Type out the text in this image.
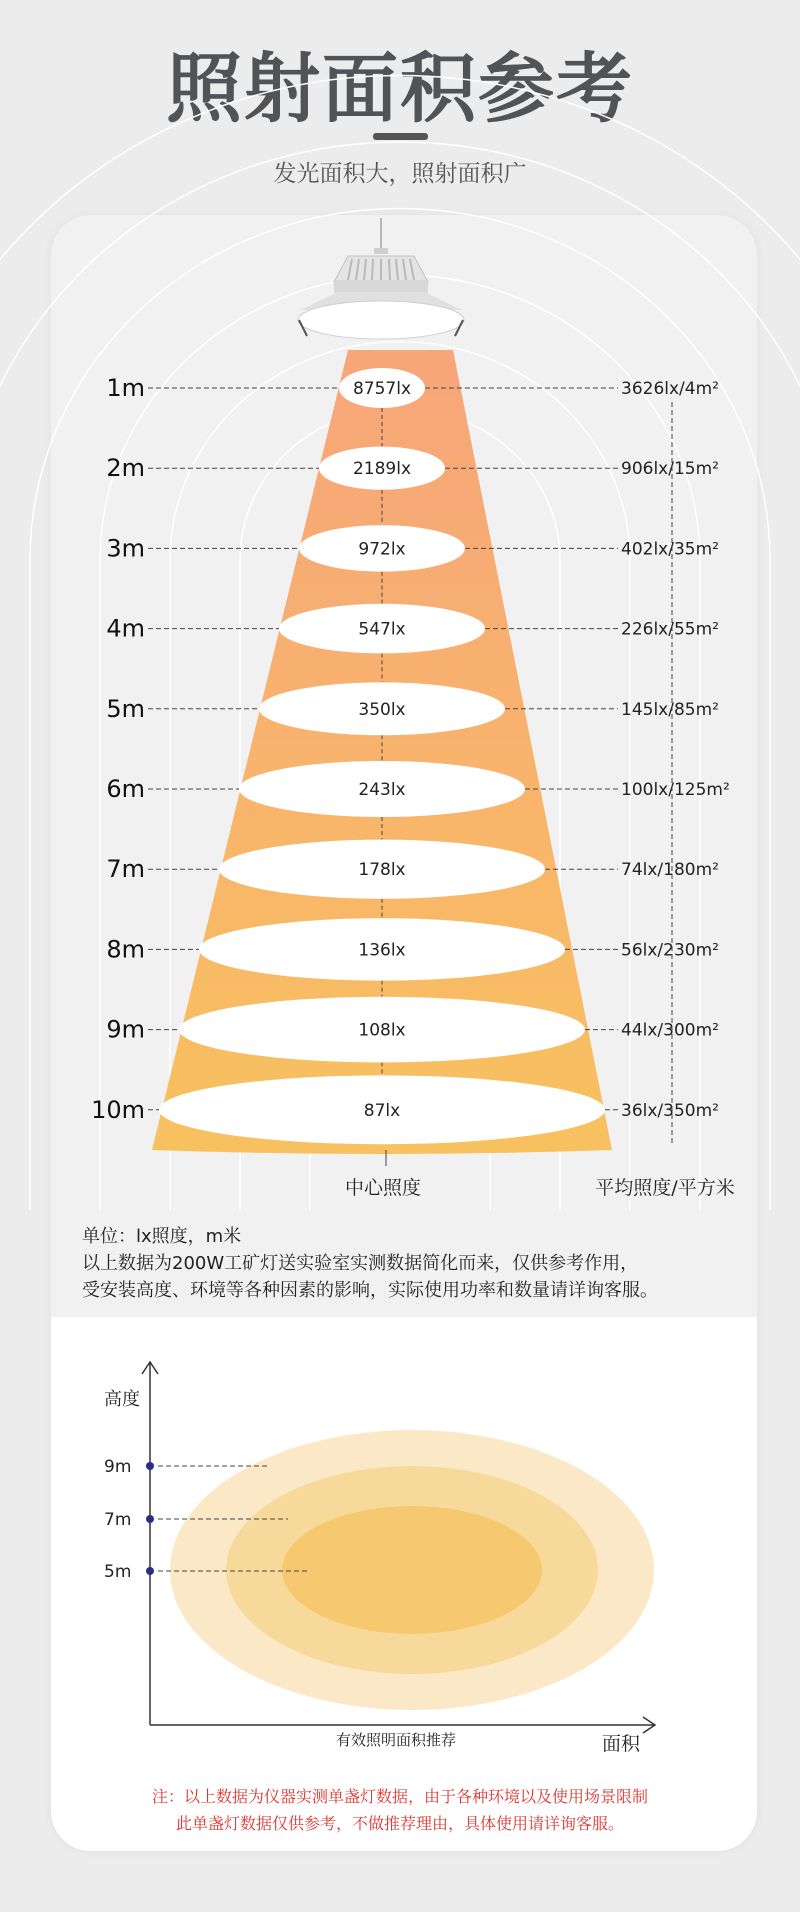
照射面积参考
发光面积大，照射面积广
1m	8757lx	3626lx/4m²
2m	2189lx	906lx/15m²
3m	972lx	402lx/35m²
4m	547lx	226lx/55m²
5m	350lx	145lx/85m²
6m	243lx	100lx/125m²
7m	178lx	74lx/180m²
8m	136lx	56lx/230m²
9m	108lx	44lx/300m²
10m	87lx	36lx/350m²
中心照度	平均照度/平方米
单位：lx照度，m米
以上数据为200W工矿灯送实验室实测数据简化而来，仅供参考作用，
受安装高度、环境等各种因素的影响，实际使用功率和数量请详询客服。
高度
面积
有效照明面积推荐
9m
7m
5m
注：以上数据为仪器实测单盏灯数据，由于各种环境以及使用场景限制
此单盏灯数据仅供参考，不做推荐理由，具体使用请详询客服。
